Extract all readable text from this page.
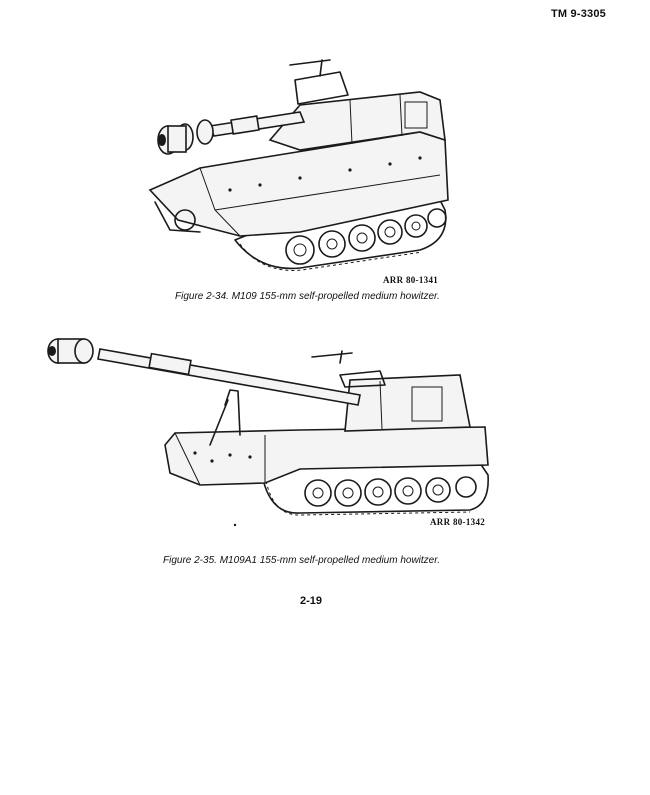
TM 9-3305
ARR 80-1341
Figure 2-34. M109 155-mm self-propelled medium howitzer.
ARR 80-1342
Figure 2-35. M109A1 155-mm self-propelled medium howitzer.
2-19
